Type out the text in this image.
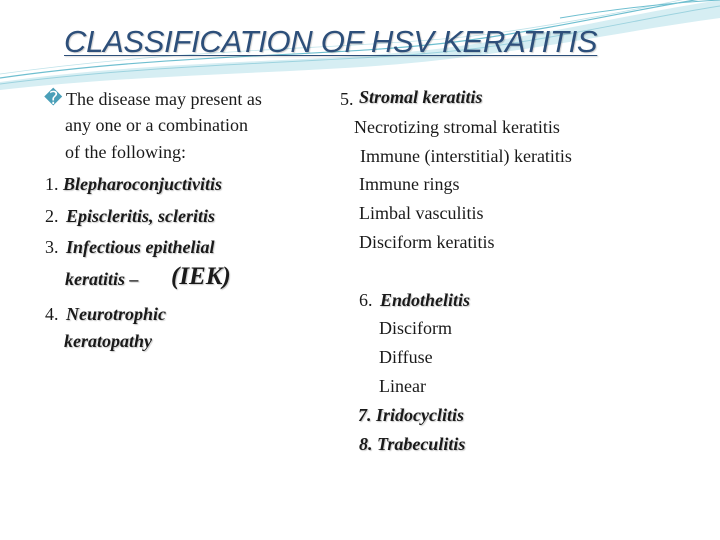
CLASSIFICATION OF HSV KERATITIS
� The disease may present as
any one or a combination
of the following:
1. Blepharoconjuctivitis
2. Episcleritis, scleritis
3. Infectious epithelial
keratitis – (IEK)
4. Neurotrophic
keratopathy
5. Stromal keratitis
Necrotizing stromal keratitis
Immune (interstitial) keratitis
Immune rings
Limbal vasculitis
Disciform keratitis
6. Endothelitis
Disciform
Diffuse
Linear
7. Iridocyclitis
8. Trabeculitis
